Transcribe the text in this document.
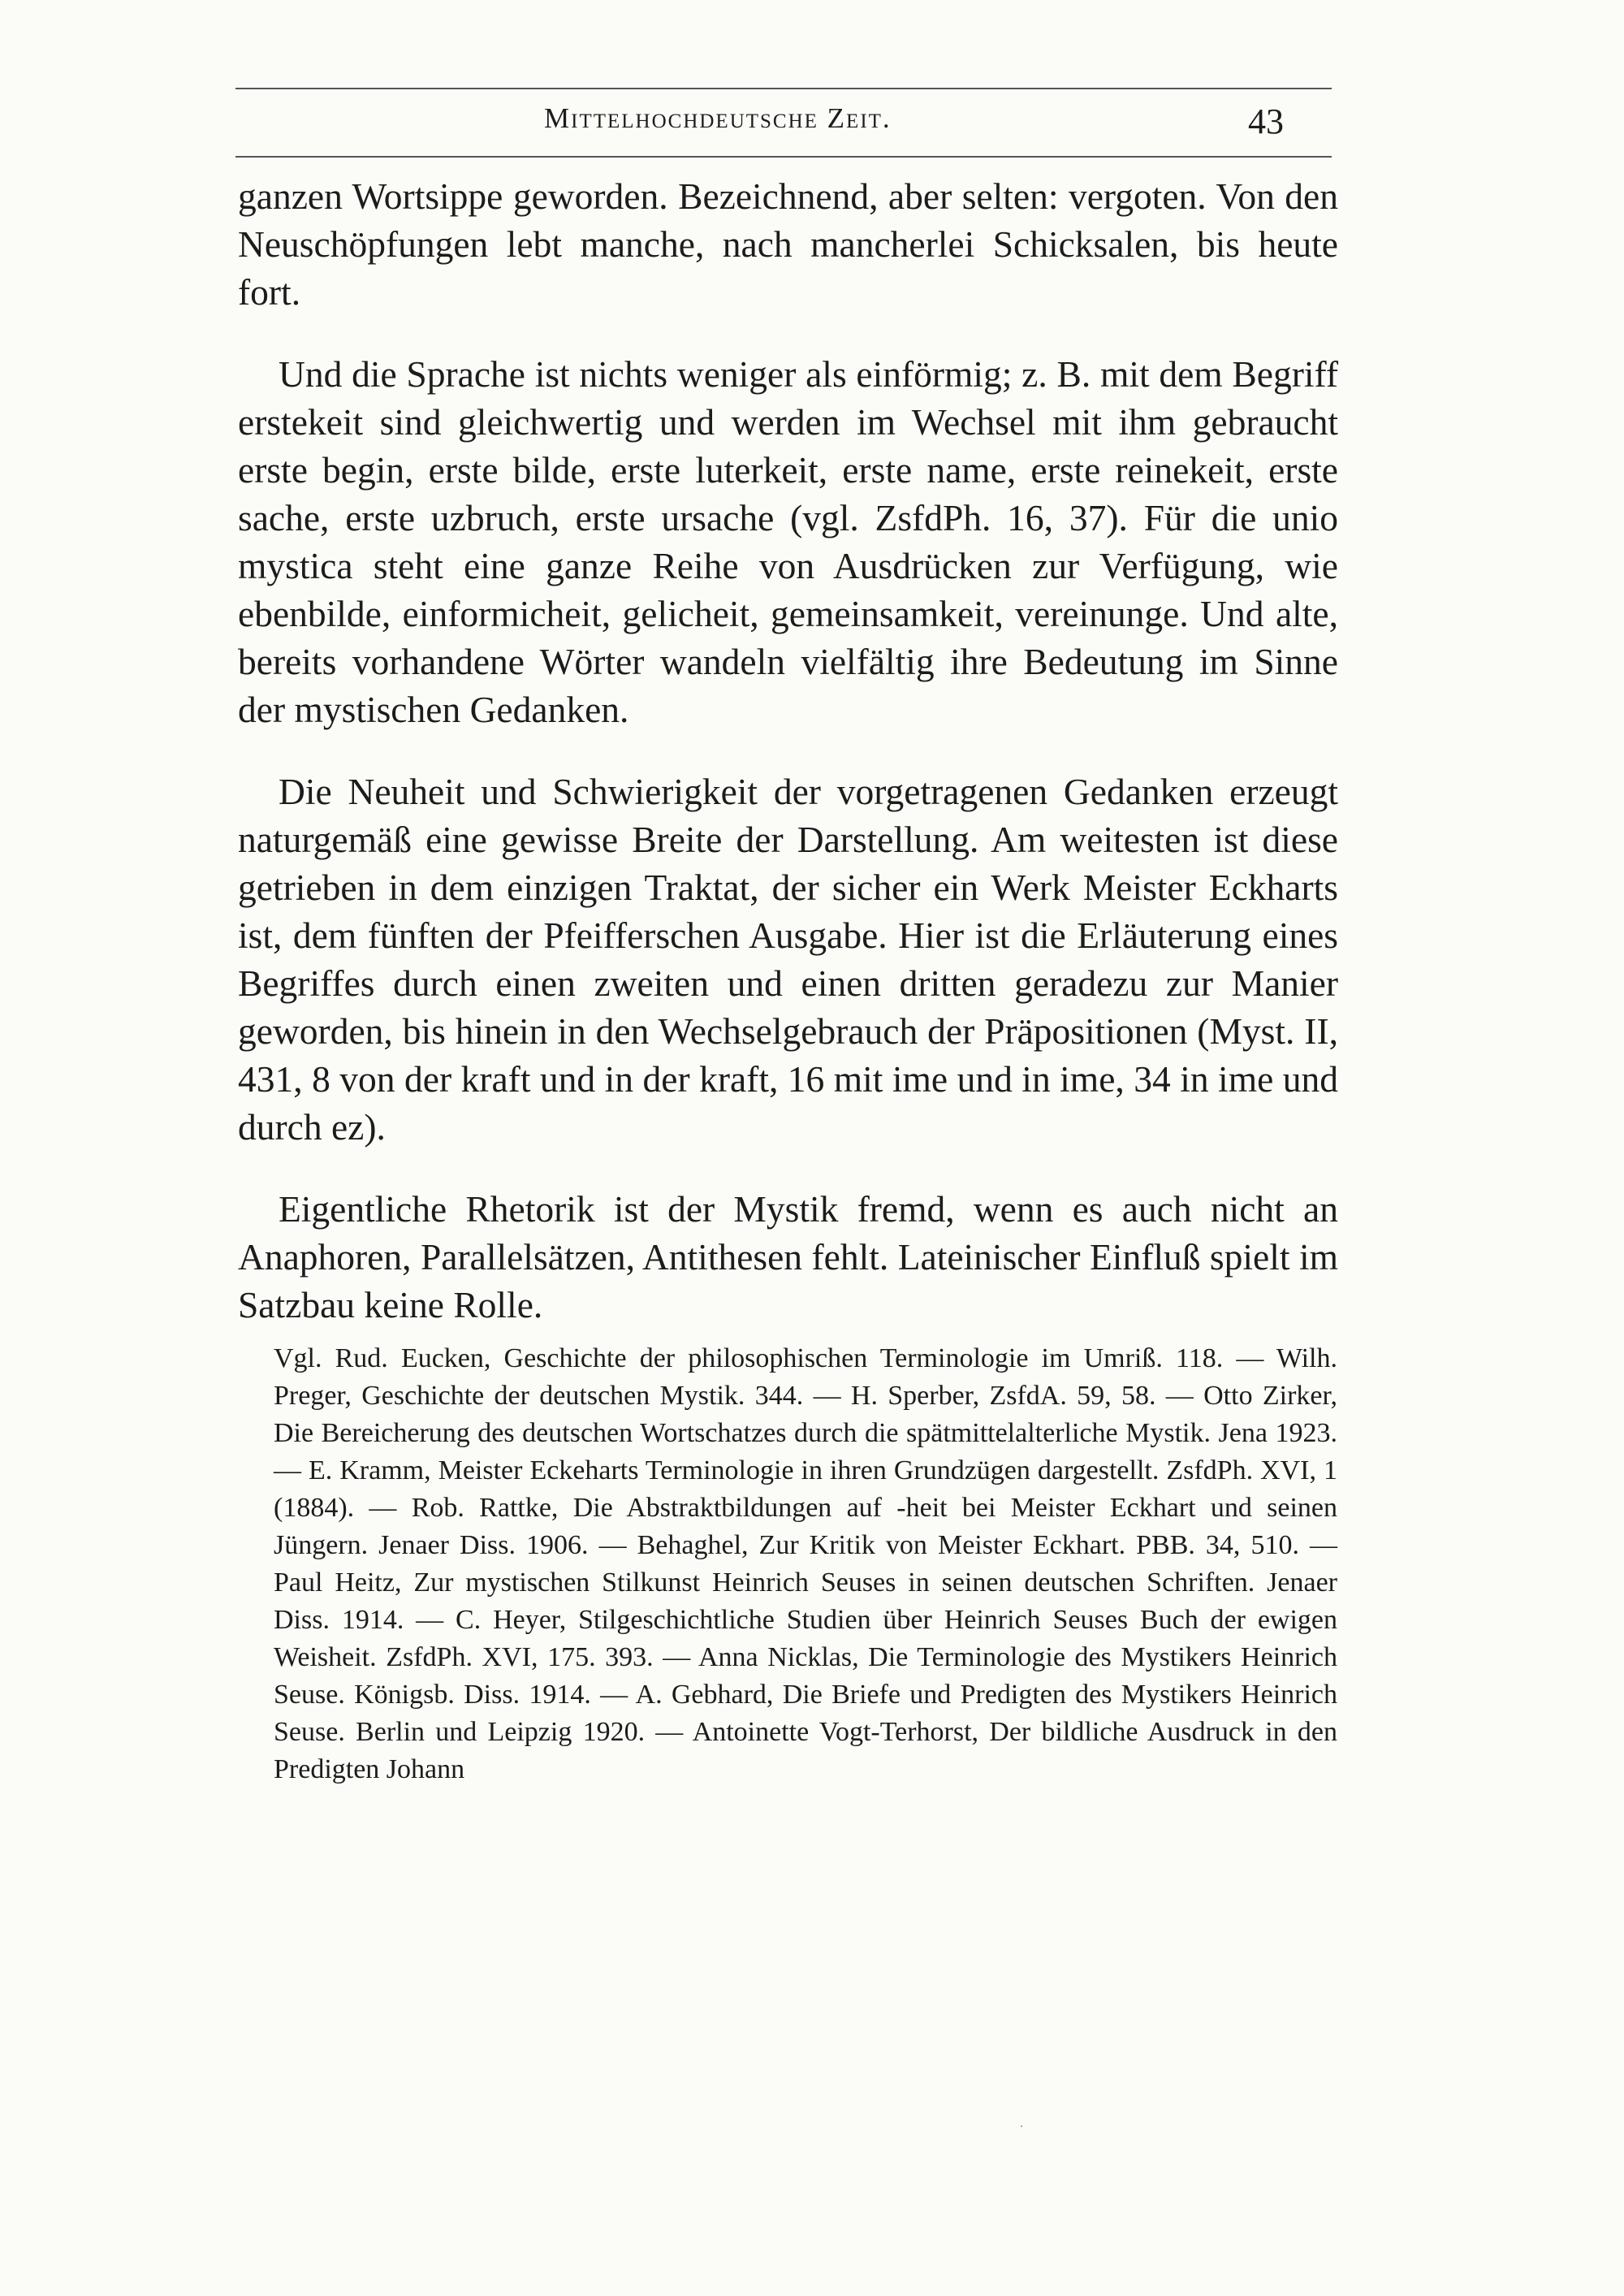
Mittelhochdeutsche Zeit.	43

ganzen Wortsippe geworden. Bezeichnend, aber selten: vergoten. Von den Neuschöpfungen lebt manche, nach mancherlei Schicksalen, bis heute fort.

Und die Sprache ist nichts weniger als einförmig; z. B. mit dem Begriff erstekeit sind gleichwertig und werden im Wechsel mit ihm gebraucht erste begin, erste bilde, erste luterkeit, erste name, erste reinekeit, erste sache, erste uzbruch, erste ursache (vgl. ZsfdPh. 16, 37). Für die unio mystica steht eine ganze Reihe von Ausdrücken zur Verfügung, wie ebenbilde, einformicheit, gelicheit, gemeinsamkeit, vereinunge. Und alte, bereits vorhandene Wörter wandeln vielfältig ihre Bedeutung im Sinne der mystischen Gedanken.

Die Neuheit und Schwierigkeit der vorgetragenen Gedanken erzeugt naturgemäß eine gewisse Breite der Darstellung. Am weitesten ist diese getrieben in dem einzigen Traktat, der sicher ein Werk Meister Eckharts ist, dem fünften der Pfeifferschen Ausgabe. Hier ist die Erläuterung eines Begriffes durch einen zweiten und einen dritten geradezu zur Manier geworden, bis hinein in den Wechselgebrauch der Präpositionen (Myst. II, 431, 8 von der kraft und in der kraft, 16 mit ime und in ime, 34 in ime und durch ez).

Eigentliche Rhetorik ist der Mystik fremd, wenn es auch nicht an Anaphoren, Parallelsätzen, Antithesen fehlt. Lateinischer Einfluß spielt im Satzbau keine Rolle.

Vgl. Rud. Eucken, Geschichte der philosophischen Terminologie im Umriß. 118. — Wilh. Preger, Geschichte der deutschen Mystik. 344. — H. Sperber, ZsfdA. 59, 58. — Otto Zirker, Die Bereicherung des deutschen Wortschatzes durch die spätmittelalterliche Mystik. Jena 1923. — E. Kramm, Meister Eckeharts Terminologie in ihren Grundzügen dargestellt. ZsfdPh. XVI, 1 (1884). — Rob. Rattke, Die Abstraktbildungen auf -heit bei Meister Eckhart und seinen Jüngern. Jenaer Diss. 1906. — Behaghel, Zur Kritik von Meister Eckhart. PBB. 34, 510. — Paul Heitz, Zur mystischen Stilkunst Heinrich Seuses in seinen deutschen Schriften. Jenaer Diss. 1914. — C. Heyer, Stilgeschichtliche Studien über Heinrich Seuses Buch der ewigen Weisheit. ZsfdPh. XVI, 175. 393. — Anna Nicklas, Die Terminologie des Mystikers Heinrich Seuse. Königsb. Diss. 1914. — A. Gebhard, Die Briefe und Predigten des Mystikers Heinrich Seuse. Berlin und Leipzig 1920. — Antoinette Vogt-Terhorst, Der bildliche Ausdruck in den Predigten Johann

·
